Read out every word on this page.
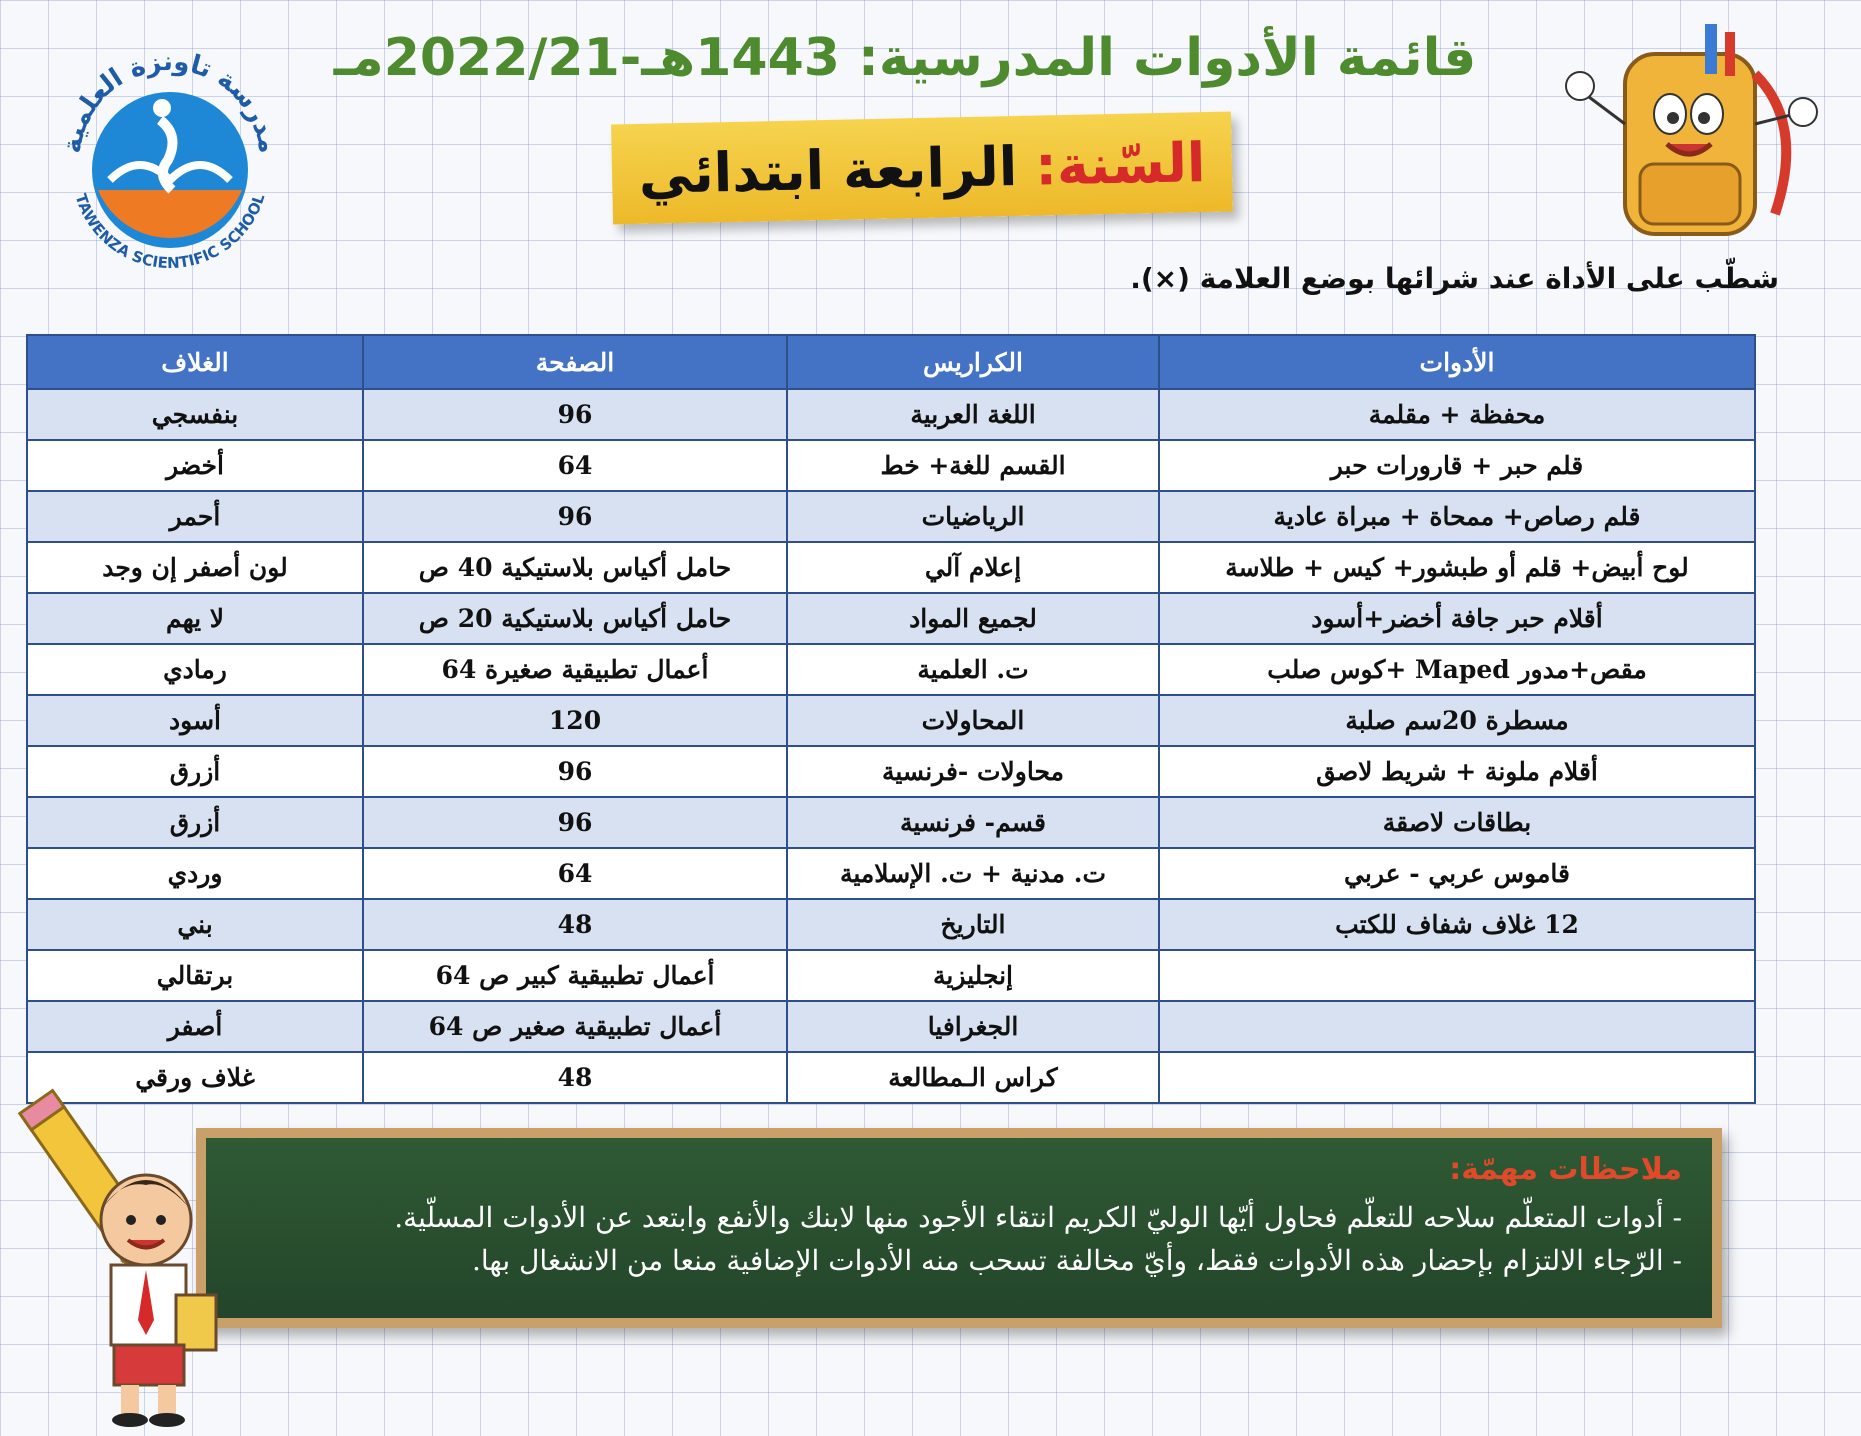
مدرسة تاونزة العلمية
TAWENZA SCIENTIFIC SCHOOL
قائمة الأدوات المدرسية: 1443هـ-2022/21مـ
السّنة:
الرابعة ابتدائي
شطّب على الأداة عند شرائها بوضع العلامة (×).
الأدوات	الكراريس	الصفحة	الغلاف
محفظة + مقلمة	اللغة العربية	96	بنفسجي
قلم حبر + قارورات حبر	القسم للغة+ خط	64	أخضر
قلم رصاص+ ممحاة + مبراة عادية	الرياضيات	96	أحمر
لوح أبيض+ قلم أو طبشور+ كيس + طلاسة	إعلام آلي	حامل أكياس بلاستيكية 40 ص	لون أصفر إن وجد
أقلام حبر جافة أخضر+أسود	لجميع المواد	حامل أكياس بلاستيكية 20 ص	لا يهم
مقص+مدور Maped +كوس صلب	ت. العلمية	أعمال تطبيقية صغيرة 64	رمادي
مسطرة 20سم صلبة	المحاولات	120	أسود
أقلام ملونة + شريط لاصق	محاولات -فرنسية	96	أزرق
بطاقات لاصقة	قسم- فرنسية	96	أزرق
قاموس عربي - عربي	ت. مدنية + ت. الإسلامية	64	وردي
12 غلاف شفاف للكتب	التاريخ	48	بني
	إنجليزية	أعمال تطبيقية كبير ص 64	برتقالي
	الجغرافيا	أعمال تطبيقية صغير ص 64	أصفر
	كراس الـمطالعة	48	غلاف ورقي

ملاحظات مهمّة:

- أدوات المتعلّم سلاحه للتعلّم فحاول أيّها الوليّ الكريم انتقاء الأجود منها لابنك والأنفع وابتعد عن الأدوات المسلّية.

- الرّجاء الالتزام بإحضار هذه الأدوات فقط، وأيّ مخالفة تسحب منه الأدوات الإضافية منعا من الانشغال بها.
